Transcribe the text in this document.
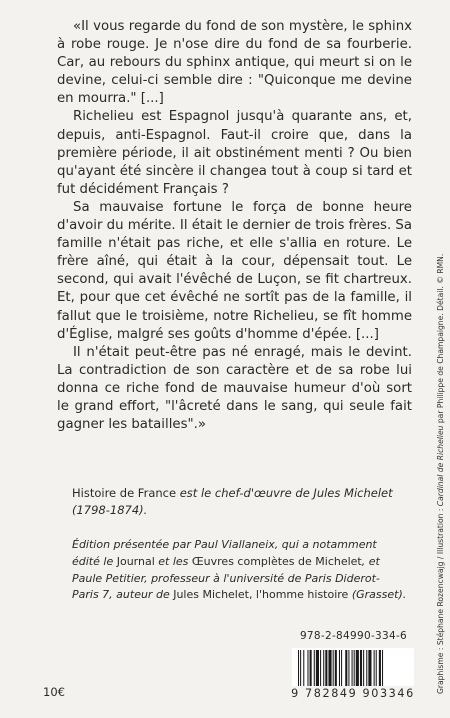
«Il vous regarde du fond de son mystère, le sphinx à robe rouge. Je n'ose dire du fond de sa fourberie. Car, au rebours du sphinx antique, qui meurt si on le devine, celui-ci semble dire : "Quiconque me devine en mourra." [...]

Richelieu est Espagnol jusqu'à quarante ans, et, depuis, anti-Espagnol. Faut-il croire que, dans la première période, il ait obstinément menti ? Ou bien qu'ayant été sincère il changea tout à coup si tard et fut décidément Français ?

Sa mauvaise fortune le força de bonne heure d'avoir du mérite. Il était le dernier de trois frères. Sa famille n'était pas riche, et elle s'allia en roture. Le frère aîné, qui était à la cour, dépensait tout. Le second, qui avait l'évêché de Luçon, se fit chartreux. Et, pour que cet évêché ne sortît pas de la famille, il fallut que le troisième, notre Richelieu, se fît homme d'Église, malgré ses goûts d'homme d'épée. [...]

Il n'était peut-être pas né enragé, mais le devint. La contradiction de son caractère et de sa robe lui donna ce riche fond de mauvaise humeur d'où sort le grand effort, "l'âcreté dans le sang, qui seule fait gagner les batailles".»

Histoire de France est le chef-d'œuvre de Jules Michelet
(1798-1874).
Édition présentée par Paul Viallaneix, qui a notamment
édité le Journal et les Œuvres complètes de Michelet, et
Paule Petitier, professeur à l'université de Paris Diderot-
Paris 7, auteur de Jules Michelet, l'homme histoire (Grasset).
978-2-84990-334-6
9 782849 903346
10€	Graphisme : Stéphane Rozencwajg / Illustration : Cardinal de Richelieu par Philippe de Champaigne. Détail. © RMN.
